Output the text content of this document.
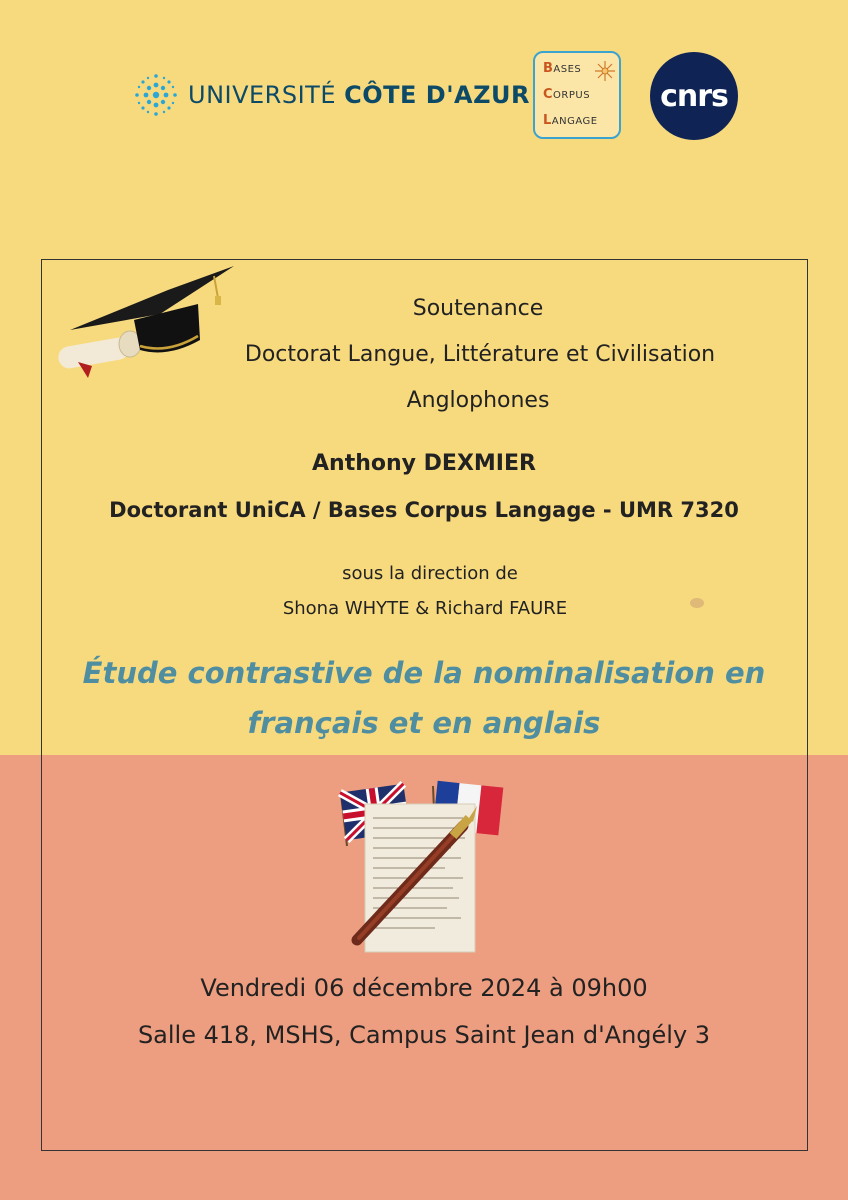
UNIVERSITÉ CÔTE D'AZUR
BASES
CORPUS
LANGAGE
cnrs
Soutenance
Doctorat Langue, Littérature et Civilisation
Anglophones
Anthony DEXMIER
Doctorant UniCA / Bases Corpus Langage - UMR 7320
sous la direction de
Shona WHYTE & Richard FAURE
Étude contrastive de la nominalisation en
français et en anglais
Vendredi 06 décembre 2024 à 09h00
Salle 418, MSHS, Campus Saint Jean d'Angély 3
